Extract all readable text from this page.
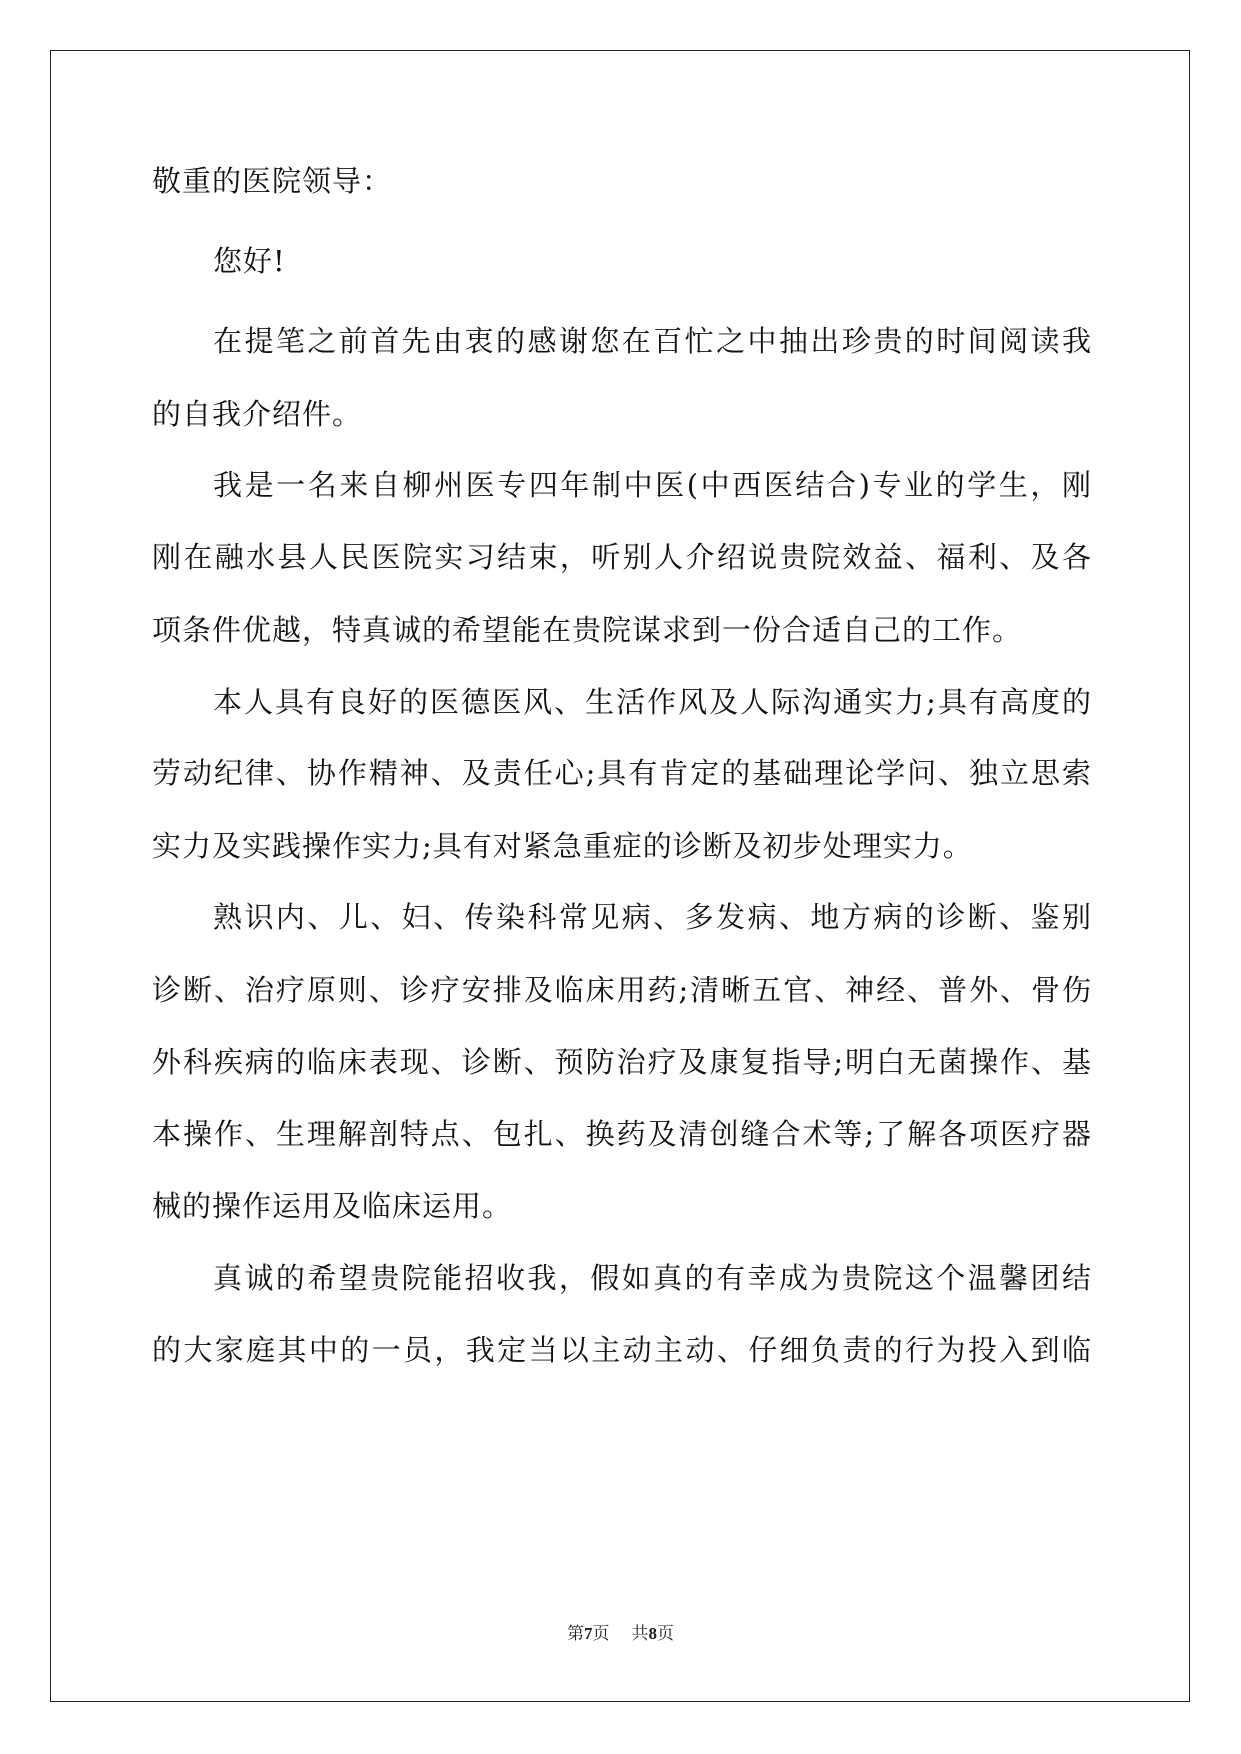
敬重的医院领导：
您好!
在提笔之前首先由衷的感谢您在百忙之中抽出珍贵的时间阅读我
的自我介绍件。
我是一名来自柳州医专四年制中医(中西医结合)专业的学生，刚
刚在融水县人民医院实习结束，听别人介绍说贵院效益、福利、及各
项条件优越，特真诚的希望能在贵院谋求到一份合适自己的工作。
本人具有良好的医德医风、生活作风及人际沟通实力;具有高度的
劳动纪律、协作精神、及责任心;具有肯定的基础理论学问、独立思索
实力及实践操作实力;具有对紧急重症的诊断及初步处理实力。
熟识内、儿、妇、传染科常见病、多发病、地方病的诊断、鉴别
诊断、治疗原则、诊疗安排及临床用药;清晰五官、神经、普外、骨伤
外科疾病的临床表现、诊断、预防治疗及康复指导;明白无菌操作、基
本操作、生理解剖特点、包扎、换药及清创缝合术等;了解各项医疗器
械的操作运用及临床运用。
真诚的希望贵院能招收我，假如真的有幸成为贵院这个温馨团结
的大家庭其中的一员，我定当以主动主动、仔细负责的行为投入到临
第7页 共8页
